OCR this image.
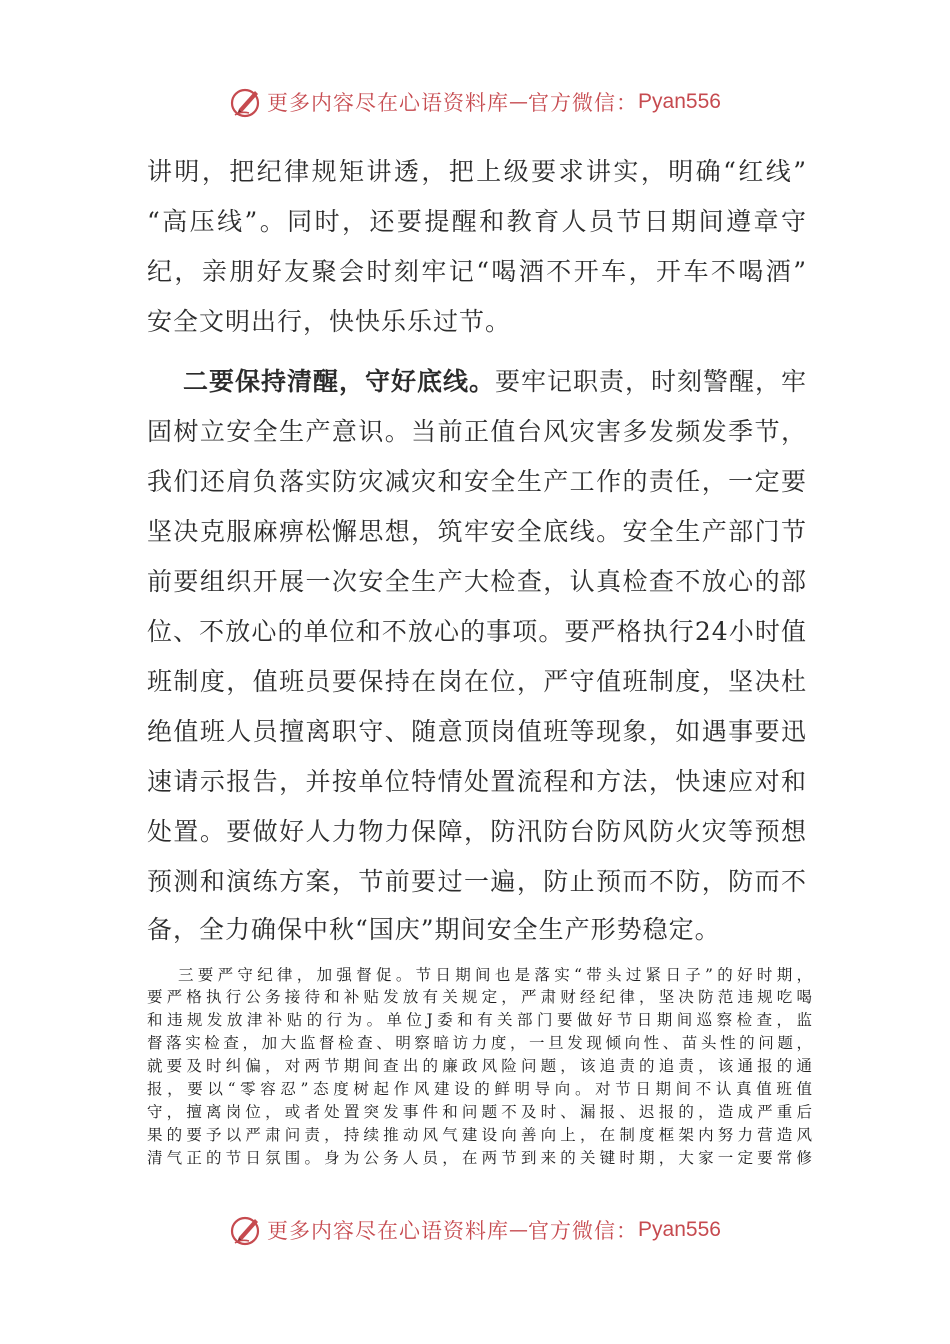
更多内容尽在心语资料库 — 官方微信： Pyan556
讲明，把纪律规矩讲透，把上级要求讲实，明确“红线”
“高压线”。同时，还要提醒和教育人员节日期间遵章守
纪，亲朋好友聚会时刻牢记“喝酒不开车，开车不喝酒”
安全文明出行，快快乐乐过节。
二要保持清醒，守好底线。要牢记职责，时刻警醒，牢
固树立安全生产意识。当前正值台风灾害多发频发季节，
我们还肩负落实防灾减灾和安全生产工作的责任，一定要
坚决克服麻痹松懈思想，筑牢安全底线。安全生产部门节
前要组织开展一次安全生产大检查，认真检查不放心的部
位、不放心的单位和不放心的事项。要严格执行24小时值
班制度，值班员要保持在岗在位，严守值班制度，坚决杜
绝值班人员擅离职守、随意顶岗值班等现象，如遇事要迅
速请示报告，并按单位特情处置流程和方法，快速应对和
处置。要做好人力物力保障，防汛防台防风防火灾等预想
预测和演练方案，节前要过一遍，防止预而不防，防而不
备，全力确保中秋“国庆”期间安全生产形势稳定。
三要严守纪律，加强督促。节日期间也是落实“带头过紧日子”的好时期，
要严格执行公务接待和补贴发放有关规定，严肃财经纪律，坚决防范违规吃喝
和违规发放津补贴的行为。单位J委和有关部门要做好节日期间巡察检查，监
督落实检查，加大监督检查、明察暗访力度，一旦发现倾向性、苗头性的问题，
就要及时纠偏，对两节期间查出的廉政风险问题，该追责的追责，该通报的通
报，要以“零容忍”态度树起作风建设的鲜明导向。对节日期间不认真值班值
守，擅离岗位，或者处置突发事件和问题不及时、漏报、迟报的，造成严重后
果的要予以严肃问责，持续推动风气建设向善向上，在制度框架内努力营造风
清气正的节日氛围。身为公务人员，在两节到来的关键时期，大家一定要常修
更多内容尽在心语资料库 — 官方微信： Pyan556
